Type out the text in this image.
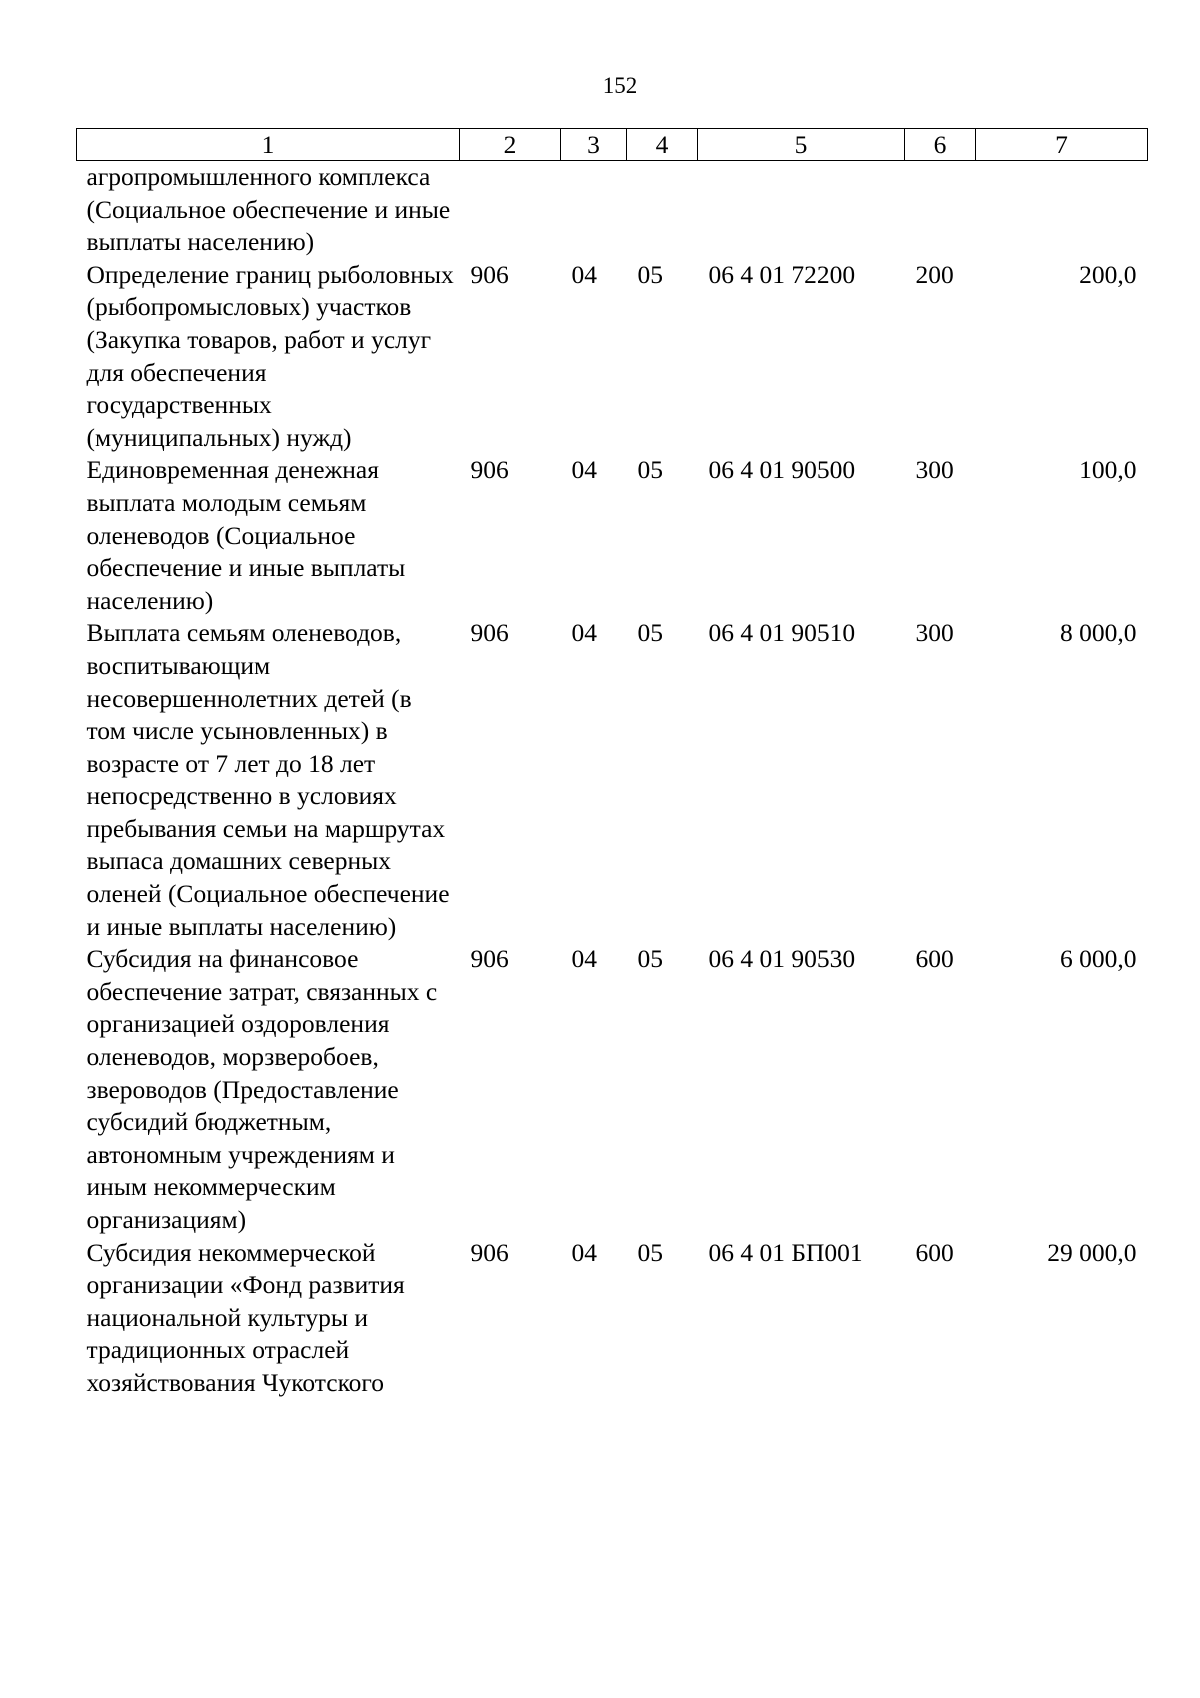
152
1	2	3	4	5	6	7
агропромышленного комплекса (Социальное обеспечение и иные выплаты населению)						
Определение границ рыболовных (рыбопромысловых) участков (Закупка товаров, работ и услуг для обеспечения государственных (муниципальных) нужд)	906	04	05	06 4 01 72200	200	200,0
Единовременная денежная выплата молодым семьям оленеводов (Социальное обеспечение и иные выплаты населению)	906	04	05	06 4 01 90500	300	100,0
Выплата семьям оленеводов, воспитывающим несовершеннолетних детей (в том числе усыновленных) в возрасте от 7 лет до 18 лет непосредственно в условиях пребывания семьи на маршрутах выпаса домашних северных оленей (Социальное обеспечение и иные выплаты населению)	906	04	05	06 4 01 90510	300	8 000,0
Субсидия на финансовое обеспечение затрат, связанных с организацией оздоровления оленеводов, морзверобоев, звероводов (Предоставление субсидий бюджетным, автономным учреждениям и иным некоммерческим организациям)	906	04	05	06 4 01 90530	600	6 000,0
Субсидия некоммерческой организации «Фонд развития национальной культуры и традиционных отраслей хозяйствования Чукотского	906	04	05	06 4 01 БП001	600	29 000,0
